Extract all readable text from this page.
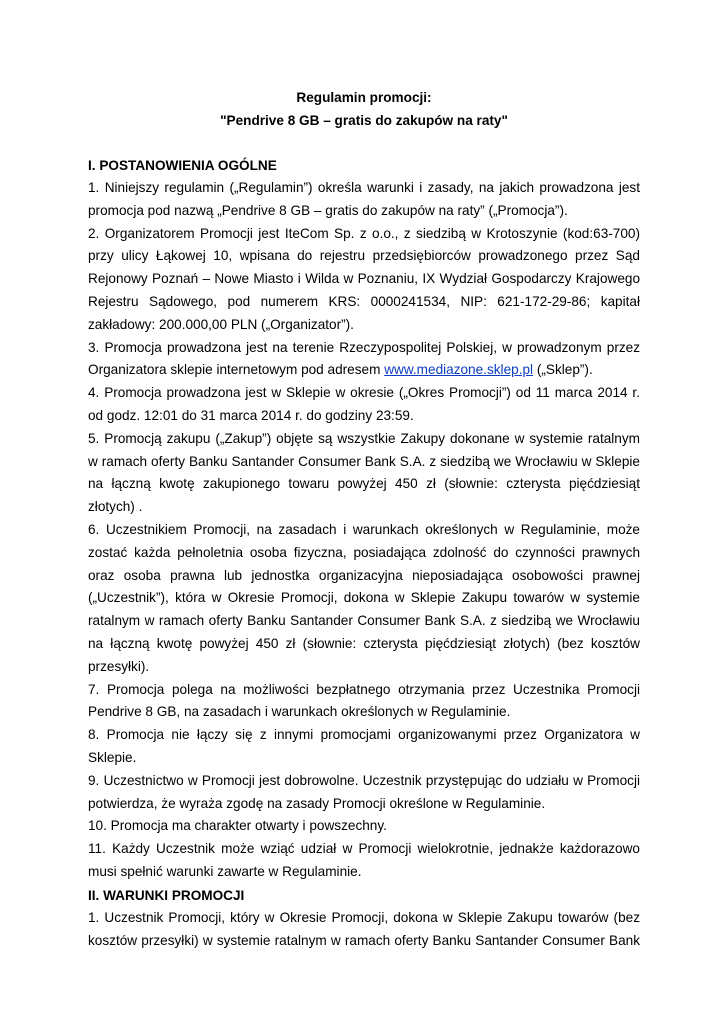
Regulamin promocji:

"Pendrive 8 GB – gratis do zakupów na raty"

I. POSTANOWIENIA OGÓLNE

1. Niniejszy regulamin („Regulamin”) określa warunki i zasady, na jakich prowadzona jest promocja pod nazwą „Pendrive 8 GB – gratis do zakupów na raty” („Promocja”).

2. Organizatorem Promocji jest IteCom Sp. z o.o., z siedzibą w Krotoszynie (kod:63-700) przy ulicy Łąkowej 10, wpisana do rejestru przedsiębiorców prowadzonego przez Sąd Rejonowy Poznań – Nowe Miasto i Wilda w Poznaniu, IX Wydział Gospodarczy Krajowego Rejestru Sądowego, pod numerem KRS: 0000241534, NIP: 621-172-29-86; kapitał zakładowy: 200.000,00 PLN („Organizator”).

3. Promocja prowadzona jest na terenie Rzeczypospolitej Polskiej, w prowadzonym przez Organizatora sklepie internetowym pod adresem www.mediazone.sklep.pl („Sklep”).

4. Promocja prowadzona jest w Sklepie w okresie („Okres Promocji”) od 11 marca 2014 r. od godz. 12:01 do 31 marca 2014 r. do godziny 23:59.

5. Promocją zakupu („Zakup”) objęte są wszystkie Zakupy dokonane w systemie ratalnym w ramach oferty Banku Santander Consumer Bank S.A. z siedzibą we Wrocławiu w Sklepie na łączną kwotę zakupionego towaru powyżej 450 zł (słownie: czterysta pięćdziesiąt złotych) .

6. Uczestnikiem Promocji, na zasadach i warunkach określonych w Regulaminie, może zostać każda pełnoletnia osoba fizyczna, posiadająca zdolność do czynności prawnych oraz osoba prawna lub jednostka organizacyjna nieposiadająca osobowości prawnej („Uczestnik”), która w Okresie Promocji, dokona w Sklepie Zakupu towarów w systemie ratalnym w ramach oferty Banku Santander Consumer Bank S.A. z siedzibą we Wrocławiu na łączną kwotę powyżej 450 zł (słownie: czterysta pięćdziesiąt złotych) (bez kosztów przesyłki).

7. Promocja polega na możliwości bezpłatnego otrzymania przez Uczestnika Promocji Pendrive 8 GB, na zasadach i warunkach określonych w Regulaminie.

8. Promocja nie łączy się z innymi promocjami organizowanymi przez Organizatora w Sklepie.

9. Uczestnictwo w Promocji jest dobrowolne. Uczestnik przystępując do udziału w Promocji potwierdza, że wyraża zgodę na zasady Promocji określone w Regulaminie.

10. Promocja ma charakter otwarty i powszechny.

11. Każdy Uczestnik może wziąć udział w Promocji wielokrotnie, jednakże każdorazowo musi spełnić warunki zawarte w Regulaminie.

II. WARUNKI PROMOCJI

1. Uczestnik Promocji, który w Okresie Promocji, dokona w Sklepie Zakupu towarów (bez kosztów przesyłki) w systemie ratalnym w ramach oferty Banku Santander Consumer Bank
